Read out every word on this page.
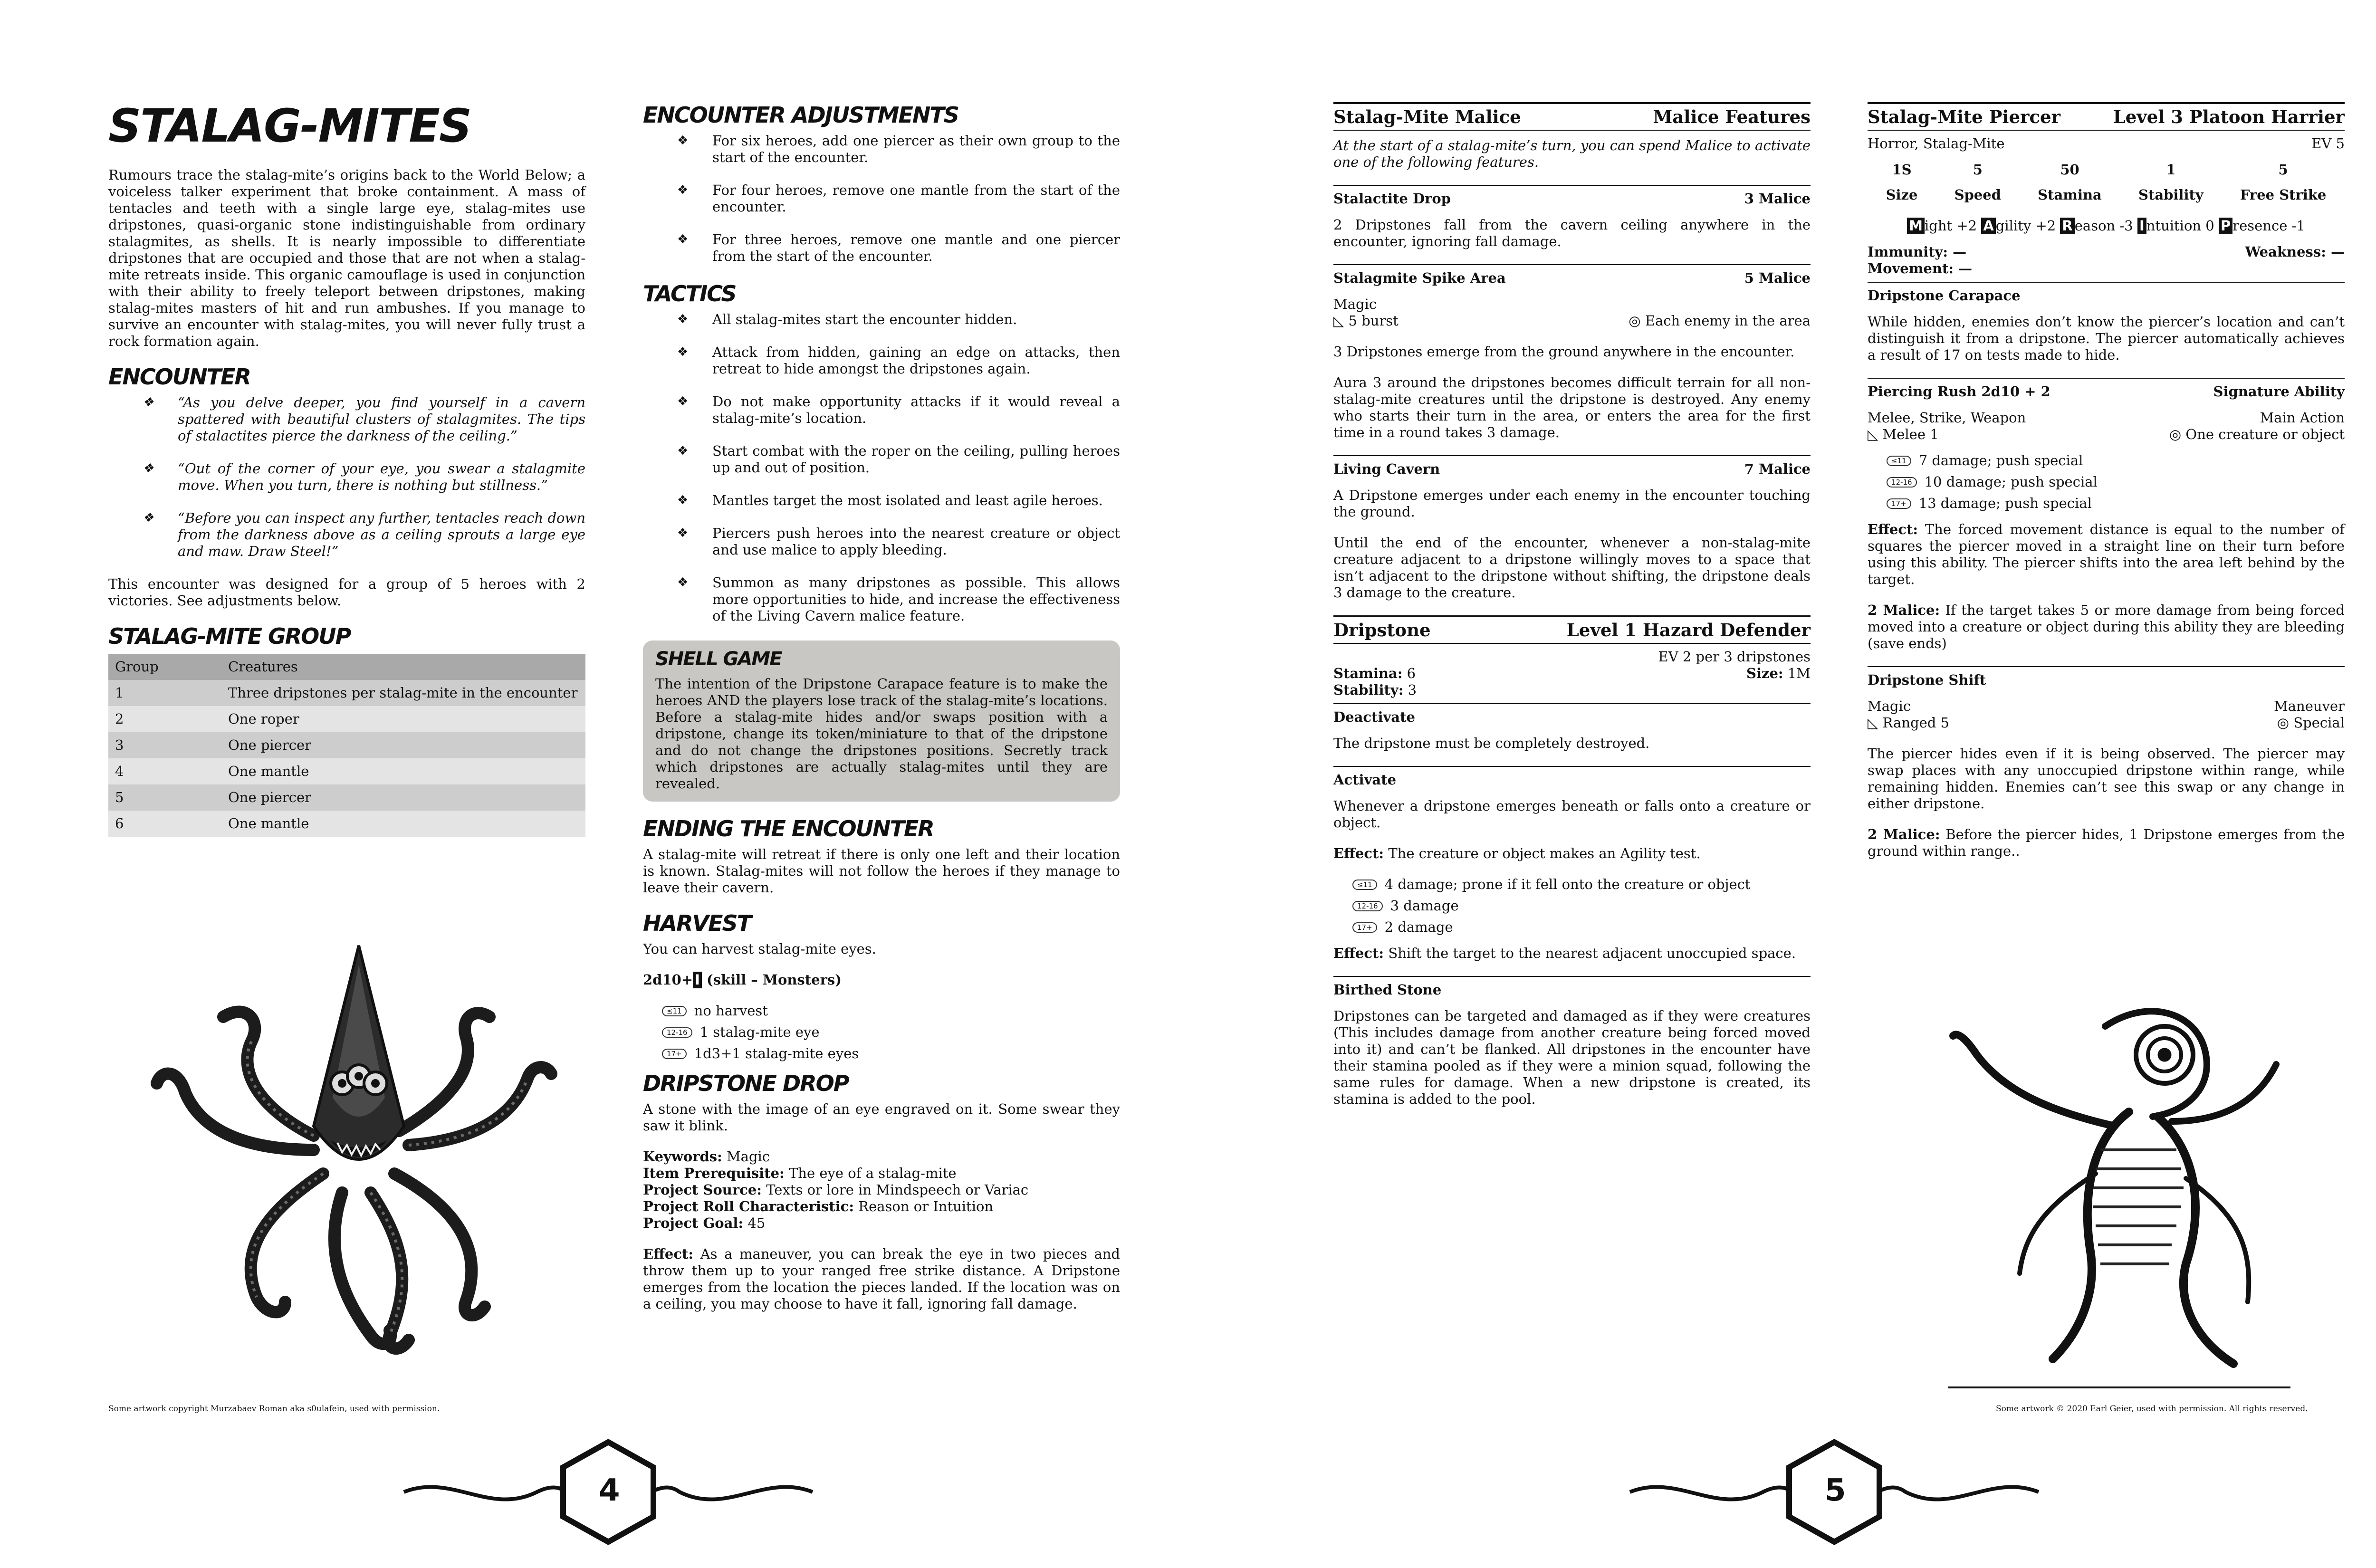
STALAG-MITES

Rumours trace the stalag-mite’s origins back to the World Below; a voiceless talker experiment that broke containment. A mass of tentacles and teeth with a single large eye, stalag-mites use dripstones, quasi-organic stone indistinguishable from ordinary stalagmites, as shells. It is nearly impossible to differentiate dripstones that are occupied and those that are not when a stalag-mite retreats inside. This organic camouflage is used in conjunction with their ability to freely teleport between dripstones, making stalag-mites masters of hit and run ambushes. If you manage to survive an encounter with stalag-mites, you will never fully trust a rock formation again.

ENCOUNTER
❖ “As you delve deeper, you find yourself in a cavern spattered with beautiful clusters of stalagmites. The tips of stalactites pierce the darkness of the ceiling.”
❖ “Out of the corner of your eye, you swear a stalagmite move. When you turn, there is nothing but stillness.”
❖ “Before you can inspect any further, tentacles reach down from the darkness above as a ceiling sprouts a large eye and maw. Draw Steel!”

This encounter was designed for a group of 5 heroes with 2 victories. See adjustments below.

STALAG-MITE GROUP
Group	Creatures
1	Three dripstones per stalag-mite in the encounter
2	One roper
3	One piercer
4	One mantle
5	One piercer
6	One mantle
Some artwork copyright Murzabaev Roman aka s0ulafein, used with permission.
ENCOUNTER ADJUSTMENTS
❖ For six heroes, add one piercer as their own group to the start of the encounter.
❖ For four heroes, remove one mantle from the start of the encounter.
❖ For three heroes, remove one mantle and one piercer from the start of the encounter.
TACTICS
❖ All stalag-mites start the encounter hidden.
❖ Attack from hidden, gaining an edge on attacks, then retreat to hide amongst the dripstones again.
❖ Do not make opportunity attacks if it would reveal a stalag-mite’s location.
❖ Start combat with the roper on the ceiling, pulling heroes up and out of position.
❖ Mantles target the most isolated and least agile heroes.
❖ Piercers push heroes into the nearest creature or object and use malice to apply bleeding.
❖ Summon as many dripstones as possible. This allows more opportunities to hide, and increase the effectiveness of the Living Cavern malice feature.
SHELL GAME
The intention of the Dripstone Carapace feature is to make the heroes AND the players lose track of the stalag-mite’s locations. Before a stalag-mite hides and/or swaps position with a dripstone, change its token/miniature to that of the dripstone and do not change the dripstones positions. Secretly track which dripstones are actually stalag-mites until they are revealed.
ENDING THE ENCOUNTER

A stalag-mite will retreat if there is only one left and their location is known. Stalag-mites will not follow the heroes if they manage to leave their cavern.

HARVEST

You can harvest stalag-mite eyes.

2d10+ I (skill – Monsters)

≤11 no harvest
12-16 1 stalag-mite eye
17+ 1d3+1 stalag-mite eyes
DRIPSTONE DROP

A stone with the image of an eye engraved on it. Some swear they saw it blink.

Keywords: Magic
Item Prerequisite: The eye of a stalag-mite
Project Source: Texts or lore in Mindspeech or Variac
Project Roll Characteristic: Reason or Intuition
Project Goal: 45

Effect: As a maneuver, you can break the eye in two pieces and throw them up to your ranged free strike distance. A Dripstone emerges from the location the pieces landed. If the location was on a ceiling, you may choose to have it fall, ignoring fall damage.

4
Stalag-Mite Malice	Malice Features

At the start of a stalag-mite’s turn, you can spend Malice to activate one of the following features.

Stalactite Drop	3 Malice

2 Dripstones fall from the cavern ceiling anywhere in the encounter, ignoring fall damage.

Stalagmite Spike Area	5 Malice
Magic
◺ 5 burst	◎ Each enemy in the area

3 Dripstones emerge from the ground anywhere in the encounter.

Aura 3 around the dripstones becomes difficult terrain for all non-stalag-mite creatures until the dripstone is destroyed. Any enemy who starts their turn in the area, or enters the area for the first time in a round takes 3 damage.

Living Cavern	7 Malice

A Dripstone emerges under each enemy in the encounter touching the ground.

Until the end of the encounter, whenever a non-stalag-mite creature adjacent to a dripstone willingly moves to a space that isn’t adjacent to the dripstone without shifting, the dripstone deals 3 damage to the creature.

Dripstone	Level 1 Hazard Defender
EV 2 per 3 dripstones
Stamina: 6	Size: 1M
Stability: 3
Deactivate

The dripstone must be completely destroyed.

Activate

Whenever a dripstone emerges beneath or falls onto a creature or object.

Effect: The creature or object makes an Agility test.

≤11 4 damage; prone if it fell onto the creature or object
12-16 3 damage
17+ 2 damage

Effect: Shift the target to the nearest adjacent unoccupied space.

Birthed Stone

Dripstones can be targeted and damaged as if they were creatures (This includes damage from another creature being forced moved into it) and can’t be flanked. All dripstones in the encounter have their stamina pooled as if they were a minion squad, following the same rules for damage. When a new dripstone is created, its stamina is added to the pool.

Stalag-Mite Piercer	Level 3 Platoon Harrier
Horror, Stalag-Mite	EV 5
1S
Size
5
Speed
50
Stamina
1
Stability
5
Free Strike
M ight +2 A gility +2 R eason -3 I ntuition 0 P resence -1
Immunity: —	Weakness: —
Movement: —
Dripstone Carapace

While hidden, enemies don’t know the piercer’s location and can’t distinguish it from a dripstone. The piercer automatically achieves a result of 17 on tests made to hide.

Piercing Rush 2d10 + 2	Signature Ability
Melee, Strike, Weapon	Main Action
◺ Melee 1	◎ One creature or object
≤11 7 damage; push special
12-16 10 damage; push special
17+ 13 damage; push special

Effect: The forced movement distance is equal to the number of squares the piercer moved in a straight line on their turn before using this ability. The piercer shifts into the area left behind by the target.

2 Malice: If the target takes 5 or more damage from being forced moved into a creature or object during this ability they are bleeding (save ends)

Dripstone Shift
Magic	Maneuver
◺ Ranged 5	◎ Special

The piercer hides even if it is being observed. The piercer may swap places with any unoccupied dripstone within range, while remaining hidden. Enemies can’t see this swap or any change in either dripstone.

2 Malice: Before the piercer hides, 1 Dripstone emerges from the ground within range..

Some artwork © 2020 Earl Geier, used with permission. All rights reserved.
5
